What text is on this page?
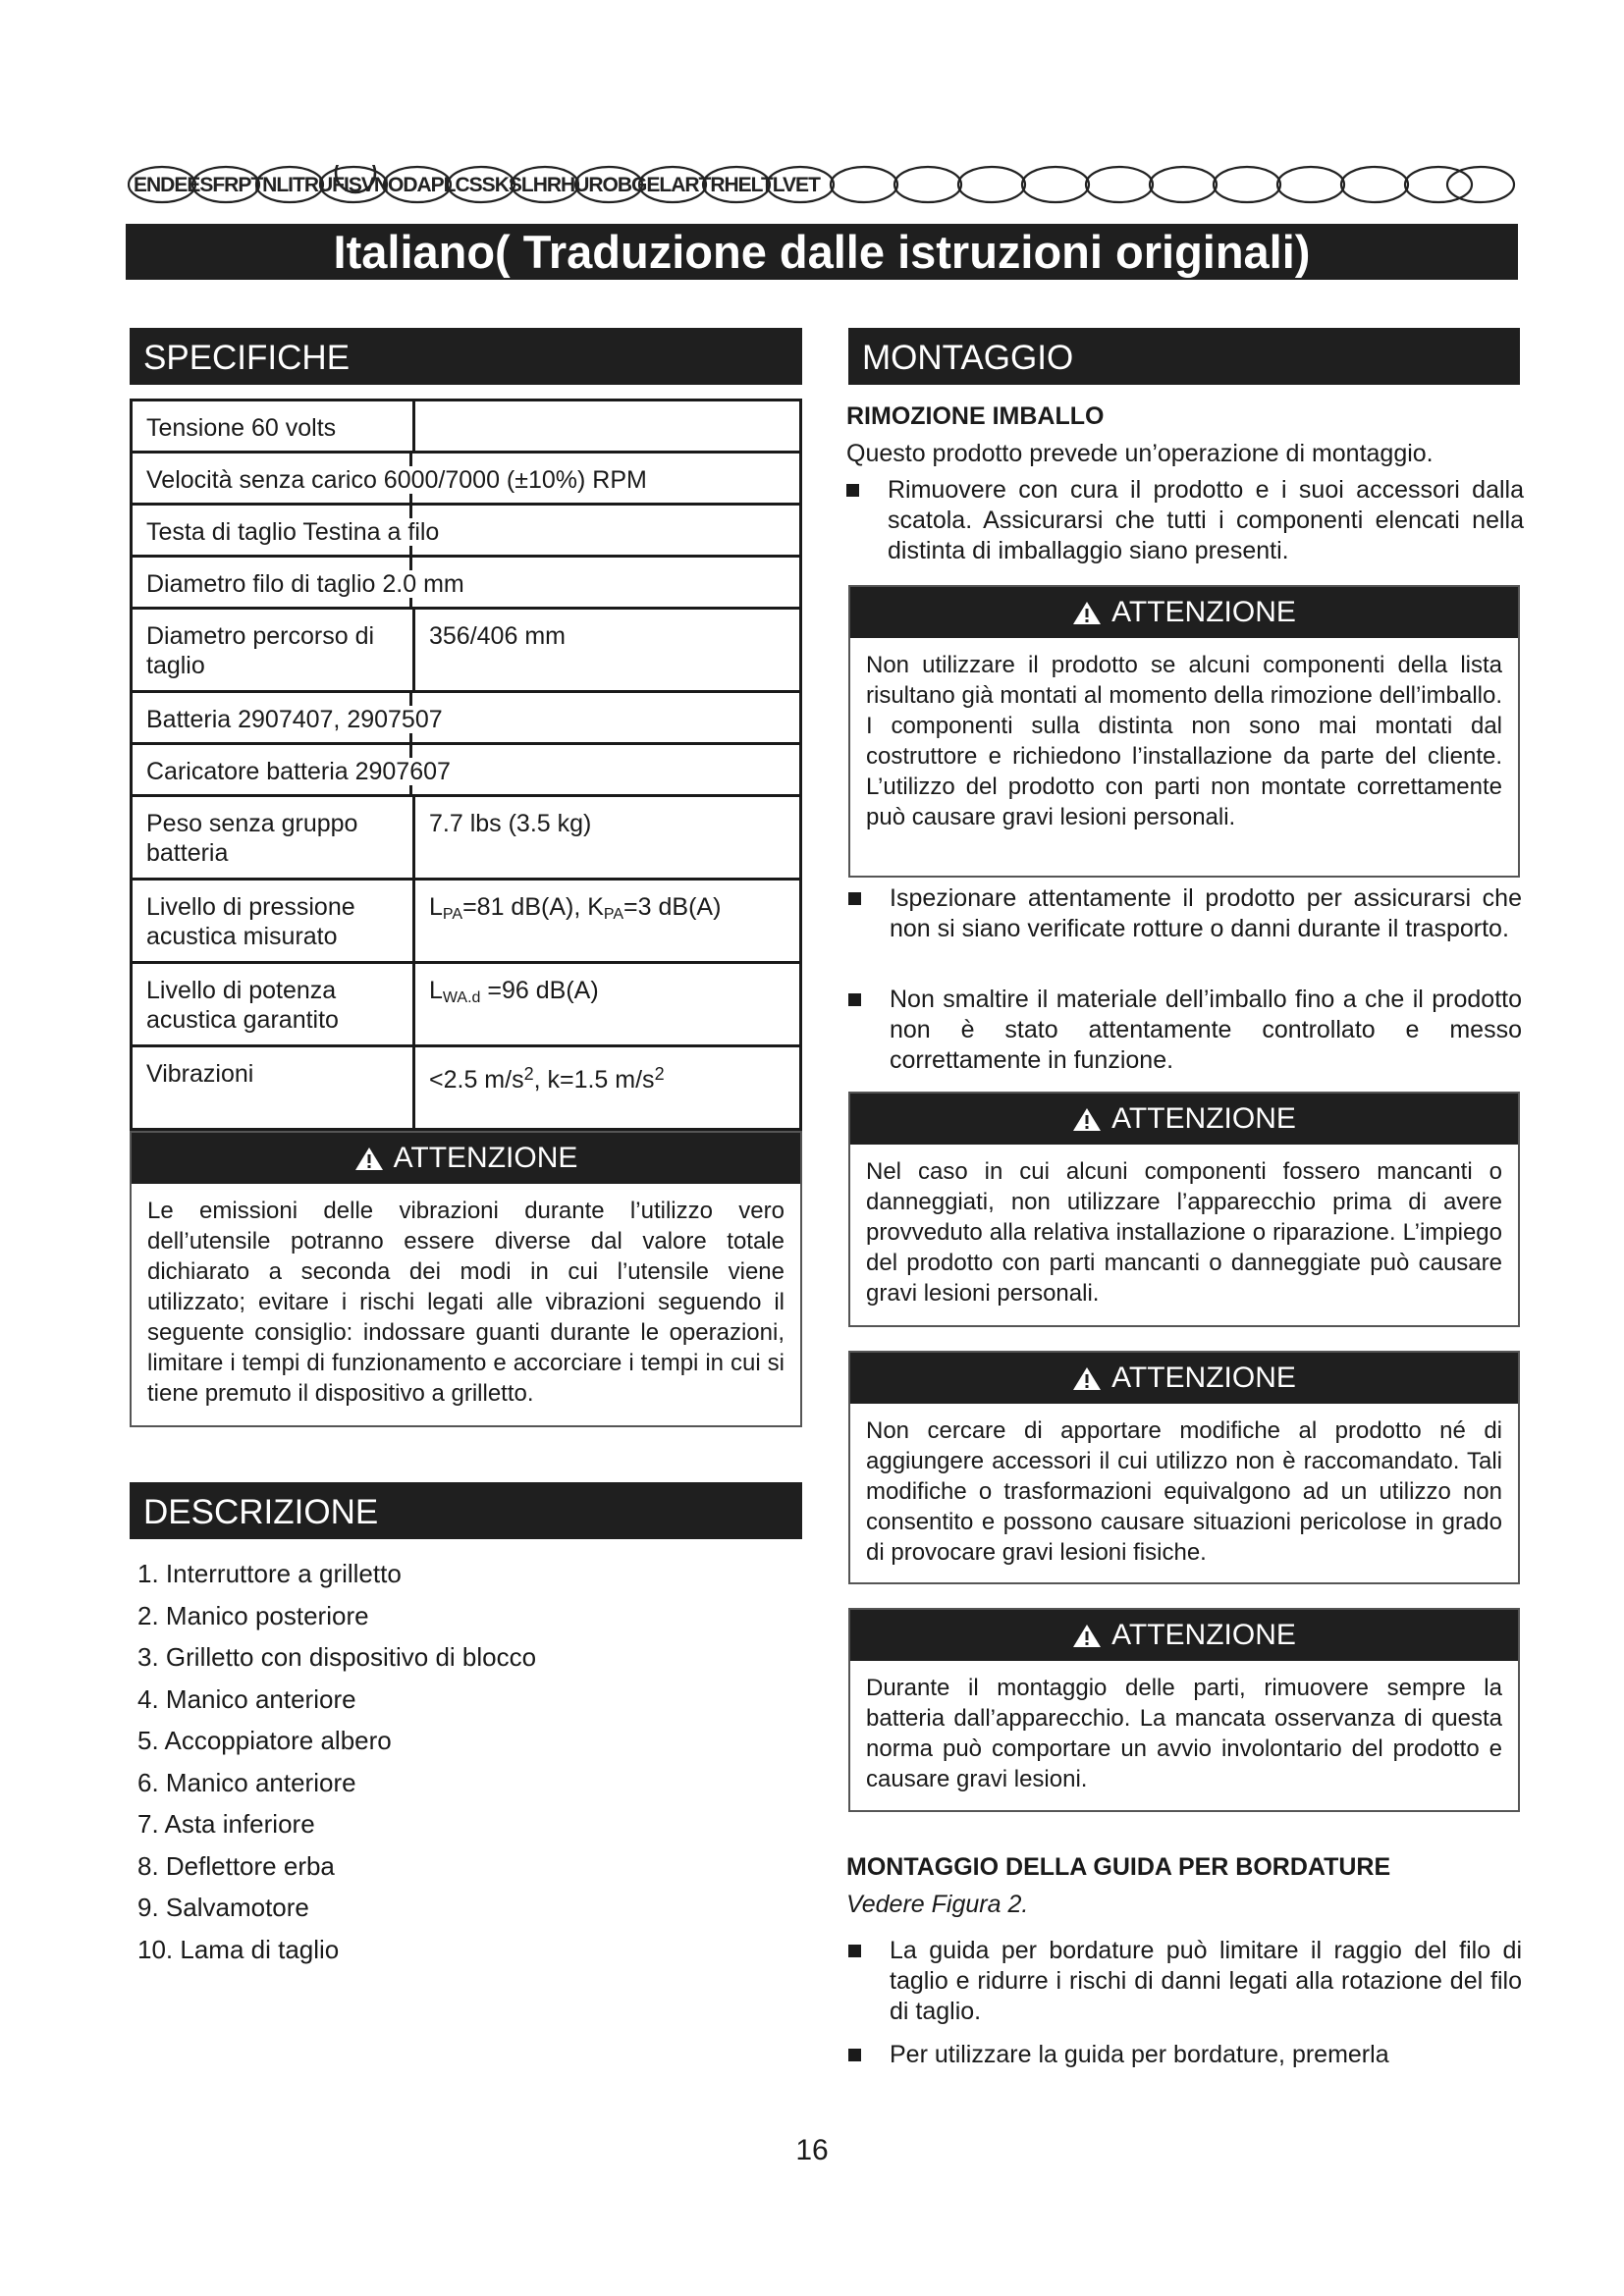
ENDEESFRPTNLITRUFISVNODAPLCSSKSLHRHUROBGELARTRHELTLVET
Italiano( Traduzione dalle istruzioni originali)
SPECIFICHE
Tensione 60 volts
Velocità senza carico 6000/7000 (±10%) RPM
Testa di taglio Testina a filo
Diametro filo di taglio 2.0 mm
Diametro percorso di taglio
356/406 mm
Batteria 2907407, 2907507
Caricatore batteria 2907607
Peso senza gruppo batteria
7.7 lbs (3.5 kg)
Livello di pressione acustica misurato
$L_{PA}=81$ dB(A), $K_{PA}=3$ dB(A)
Livello di potenza acustica garantito
$L_{WA.d} =96$ dB(A)
Vibrazioni	<2.5 $m/s^2$, k=1.5 $m/s^2$
ATTENZIONE
Le emissioni delle vibrazioni durante l’utilizzo vero dell’utensile potranno essere diverse dal valore totale dichiarato a seconda dei modi in cui l’utensile viene utilizzato; evitare i rischi legati alle vibrazioni seguendo il seguente consiglio: indossare guanti durante le operazioni, limitare i tempi di funzionamento e accorciare i tempi in cui si tiene premuto il dispositivo a grilletto.
DESCRIZIONE
1. Interruttore a grilletto
2. Manico posteriore
3. Grilletto con dispositivo di blocco
4. Manico anteriore
5. Accoppiatore albero
6. Manico anteriore
7. Asta inferiore
8. Deflettore erba
9. Salvamotore
10. Lama di taglio
MONTAGGIO
RIMOZIONE IMBALLO
Questo prodotto prevede un’operazione di montaggio.
Rimuovere con cura il prodotto e i suoi accessori dalla scatola. Assicurarsi che tutti i componenti elencati nella distinta di imballaggio siano presenti.
ATTENZIONE
Non utilizzare il prodotto se alcuni componenti della lista risultano già montati al momento della rimozione dell’imballo. I componenti sulla distinta non sono mai montati dal costruttore e richiedono l’installazione da parte del cliente. L’utilizzo del prodotto con parti non montate correttamente può causare gravi lesioni personali.
Ispezionare attentamente il prodotto per assicurarsi che non si siano verificate rotture o danni durante il trasporto.
Non smaltire il materiale dell’imballo fino a che il prodotto non è stato attentamente controllato e messo correttamente in funzione.
ATTENZIONE
Nel caso in cui alcuni componenti fossero mancanti o danneggiati, non utilizzare l’apparecchio prima di avere provveduto alla relativa installazione o riparazione. L’impiego del prodotto con parti mancanti o danneggiate può causare gravi lesioni personali.
ATTENZIONE
Non cercare di apportare modifiche al prodotto né di aggiungere accessori il cui utilizzo non è raccomandato. Tali modifiche o trasformazioni equivalgono ad un utilizzo non consentito e possono causare situazioni pericolose in grado di provocare gravi lesioni fisiche.
ATTENZIONE
Durante il montaggio delle parti, rimuovere sempre la batteria dall’apparecchio. La mancata osservanza di questa norma può comportare un avvio involontario del prodotto e causare gravi lesioni.
MONTAGGIO DELLA GUIDA PER BORDATURE
Vedere Figura 2.
La guida per bordature può limitare il raggio del filo di taglio e ridurre i rischi di danni legati alla rotazione del filo di taglio.
Per utilizzare la guida per bordature, premerla
16
